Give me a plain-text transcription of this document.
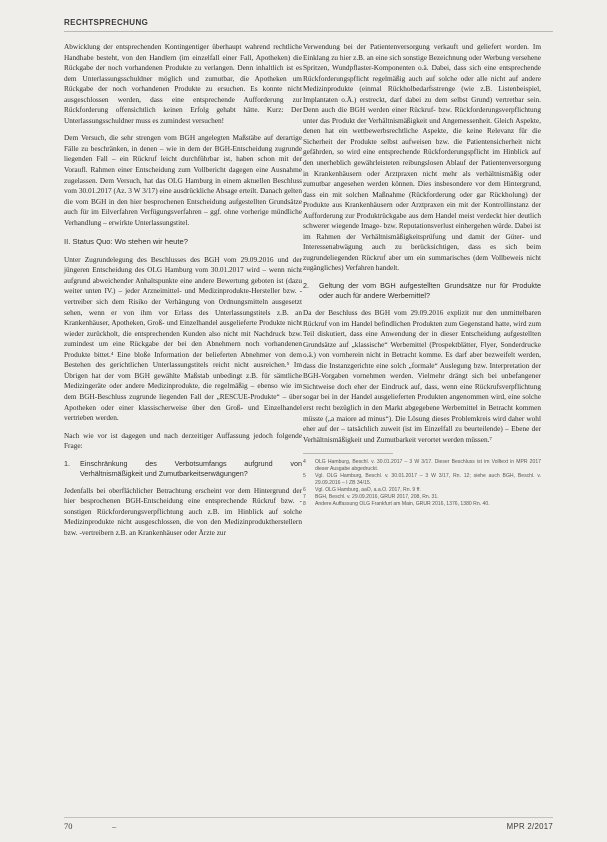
RECHTSPRECHUNG

Abwicklung der entsprechenden Kontingentiger überhaupt wahrend rechtliche Handhabe besteht, von den Handlern (im einzelfall einer Fall, Apotheken) die Rückgabe der noch vorhandenen Produkte zu verlangen. Denn inhaltlich ist es dem Unterlassungsschuldner möglich und zumutbar, die Apotheken um Rückgabe der noch vorhandenen Produkte zu ersuchen. Es konnte nicht ausgeschlossen werden, dass eine entsprechende Aufforderung zur Rückforderung offensichtlich keinen Erfolg gehabt hätte. Kurz: Der Unterlassungsschuldner muss es zumindest versuchen!

Dem Versuch, die sehr strengen vom BGH angelegten Maßstäbe auf derartige Fälle zu beschränken, in denen – wie in dem der BGH-Entscheidung zugrunde liegenden Fall – ein Rückruf leicht durchführbar ist, haben schon mit der Voraufl. Rahmen einer Entscheidung zum Vollbericht dagegen eine Ausnahme zugelassen. Dem Versuch, hat das OLG Hamburg in einem aktuellen Beschluss vom 30.01.2017 (Az. 3 W 3/17) eine ausdrückliche Absage erteilt. Danach gelten die vom BGH in den hier besprochenen Entscheidung aufgestellten Grundsätze auch für im Eilverfahren Verfügungsverfahren – ggf. ohne vorherige mündliche Verhandlung – erwirkte Unterlassungstitel.

II. Status Quo: Wo stehen wir heute?

Unter Zugrundelegung des Beschlusses des BGH vom 29.09.2016 und der jüngeren Entscheidung des OLG Hamburg vom 30.01.2017 wird – wenn nicht aufgrund abweichender Anhaltspunkte eine andere Bewertung geboten ist (dazu weiter unten IV.) – jeder Arzneimittel- und Medizinprodukte-Hersteller bzw. -vertreiber sich dem Risiko der Verhängung von Ordnungsmitteln ausgesetzt sehen, wenn er von ihm vor Erlass des Unterlassungstitels z.B. an Krankenhäuser, Apotheken, Groß- und Einzelhandel ausgelieferte Produkte nicht wieder zurückholt, die entsprechenden Kunden also nicht mit Nachdruck bzw. zumindest um eine Rückgabe der bei den Abnehmern noch vorhandenen Produkte bittet.⁴ Eine bloße Information der belieferten Abnehmer von dem Bestehen des gerichtlichen Unterlassungstitels reicht nicht ausreichen.⁵ Im Übrigen hat der vom BGH gewählte Maßstab unbedingt z.B. für sämtliche Medizingeräte oder andere Medizinprodukte, die regelmäßig – ebenso wie im dem BGH-Beschluss zugrunde liegenden Fall der „RESCUE-Produkte“ – über Apotheken oder einer klassischerweise über den Groß- und Einzelhandel vertrieben werden.

Nach wie vor ist dagegen und nach derzeitiger Auffassung jedoch folgende Frage:

1.	Einschränkung des Verbotsumfangs aufgrund von Verhältnismäßigkeit und Zumutbarkeitserwägungen?

Jedenfalls bei oberflächlicher Betrachtung erscheint vor dem Hintergrund der hier besprochenen BGH-Entscheidung eine entsprechende Rückruf bzw. -sonstigen Rückforderungsverpflichtung auch z.B. im Hinblick auf solche Medizinprodukte nicht ausgeschlossen, die von den Medizinproduktherstellern bzw. -vertreibern z.B. an Krankenhäuser oder Ärzte zur

Verwendung bei der Patientenversorgung verkauft und geliefert worden. Im Einklang zu hier z.B. an eine sich sonstige Bezeichnung oder Werbung versehene Spritzen, Wundpflaster-Komponenten o.ä. Dabei, dass sich eine entsprechende Rückforderungspflicht regelmäßig auch auf solche oder alle nicht auf andere Medizinprodukte (einmal Rückholbedarfsstrenge (wie z.B. Listenbeispiel, Implantaten o.Ä.) erstreckt, darf dabei zu dem selbst Grund) vertretbar sein. Denn auch die BGH werden einer Rückruf- bzw. Rückforderungsverpflichtung unter das Produkt der Verhältnismäßigkeit und Angemessenheit. Gleich Aspekte, denen hat ein wettbewerbsrechtliche Aspekte, die keine Relevanz für die Sicherheit der Produkte selbst aufweisen bzw. die Patientensicherheit nicht gefährden, so wird eine entsprechende Rückforderungspflicht im Hinblick auf den unerheblich gewährleisteten reibungslosen Ablauf der Patientenversorgung in Krankenhäusern oder Arztpraxen nicht mehr als verhältnismäßig oder zumutbar angesehen werden können. Dies insbesondere vor dem Hintergrund, dass ein mit solchen Maßnahme (Rückforderung oder gar Rückholung) der Produkte aus Krankenhäusern oder Arztpraxen ein mit der Kontrollinstanz der Aufforderung zur Produktrückgabe aus dem Handel meist verdeckt hier deutlich schwerer wiegende Image- bzw. Reputationsverlust einhergehen würde. Dabei ist im Rahmen der Verhältnismäßigkeitsprüfung und damit der Güter- und Interessenabwägung auch zu berücksichtigen, dass es sich beim zugrundeliegenden Rückruf aber um ein summarisches (dem Vollbeweis nicht zugängliches) Verfahren handelt.

2.	Geltung der vom BGH aufgestellten Grundsätze nur für Produkte oder auch für andere Werbemittel?

Da der Beschluss des BGH vom 29.09.2016 explizit nur den unmittelbaren Rückruf von im Handel befindlichen Produkten zum Gegenstand hatte, wird zum Teil diskutiert, dass eine Anwendung der in dieser Entscheidung aufgestellten Grundsätze auf „klassische“ Werbemittel (Prospektblätter, Flyer, Sonderdrucke o.ä.) von vornherein nicht in Betracht komme. Es darf aber bezweifelt werden, dass die Instanzgerichte eine solch „formale“ Auslegung bzw. Interpretation der BGH-Vorgaben vornehmen werden. Vielmehr drängt sich bei unbefangener Sichtweise doch eher der Eindruck auf, dass, wenn eine Rückrufsverpflichtung sogar bei in der Handel ausgelieferten Produkten angenommen wird, eine solche erst recht bezüglich in den Markt abgegebene Werbemittel in Betracht kommen müsste („a maiore ad minus“). Die Lösung dieses Problemkreis wird daher wohl eher auf der – tatsächlich zuweit (ist im Einzelfall zu beurteilende) – Ebene der Verhältnismäßigkeit und Zumutbarkeit verortet werden müssen.⁷

4	OLG Hamburg, Beschl. v. 30.01.2017 – 3 W 3/17. Dieser Beschluss ist im Volltext in MPR 2017 dieser Ausgabe abgedruckt.
5	Vgl. OLG Hamburg, Beschl. v. 30.01.2017 – 3 W 3/17, Rn. 12; siehe auch BGH, Beschl. v. 29.09.2016 – I ZB 34/15.
6	Vgl. OLG Hamburg, aaO, a.a.O. 2017, Rn. 9 ff.
7	BGH, Beschl. v. 29.09.2016, GRUR 2017, 208, Rn. 31.
8	Andere Auffassung OLG Frankfurt am Main, GRUR 2016, 1376, 1380 Rn. 40.
70	–	MPR 2/2017
